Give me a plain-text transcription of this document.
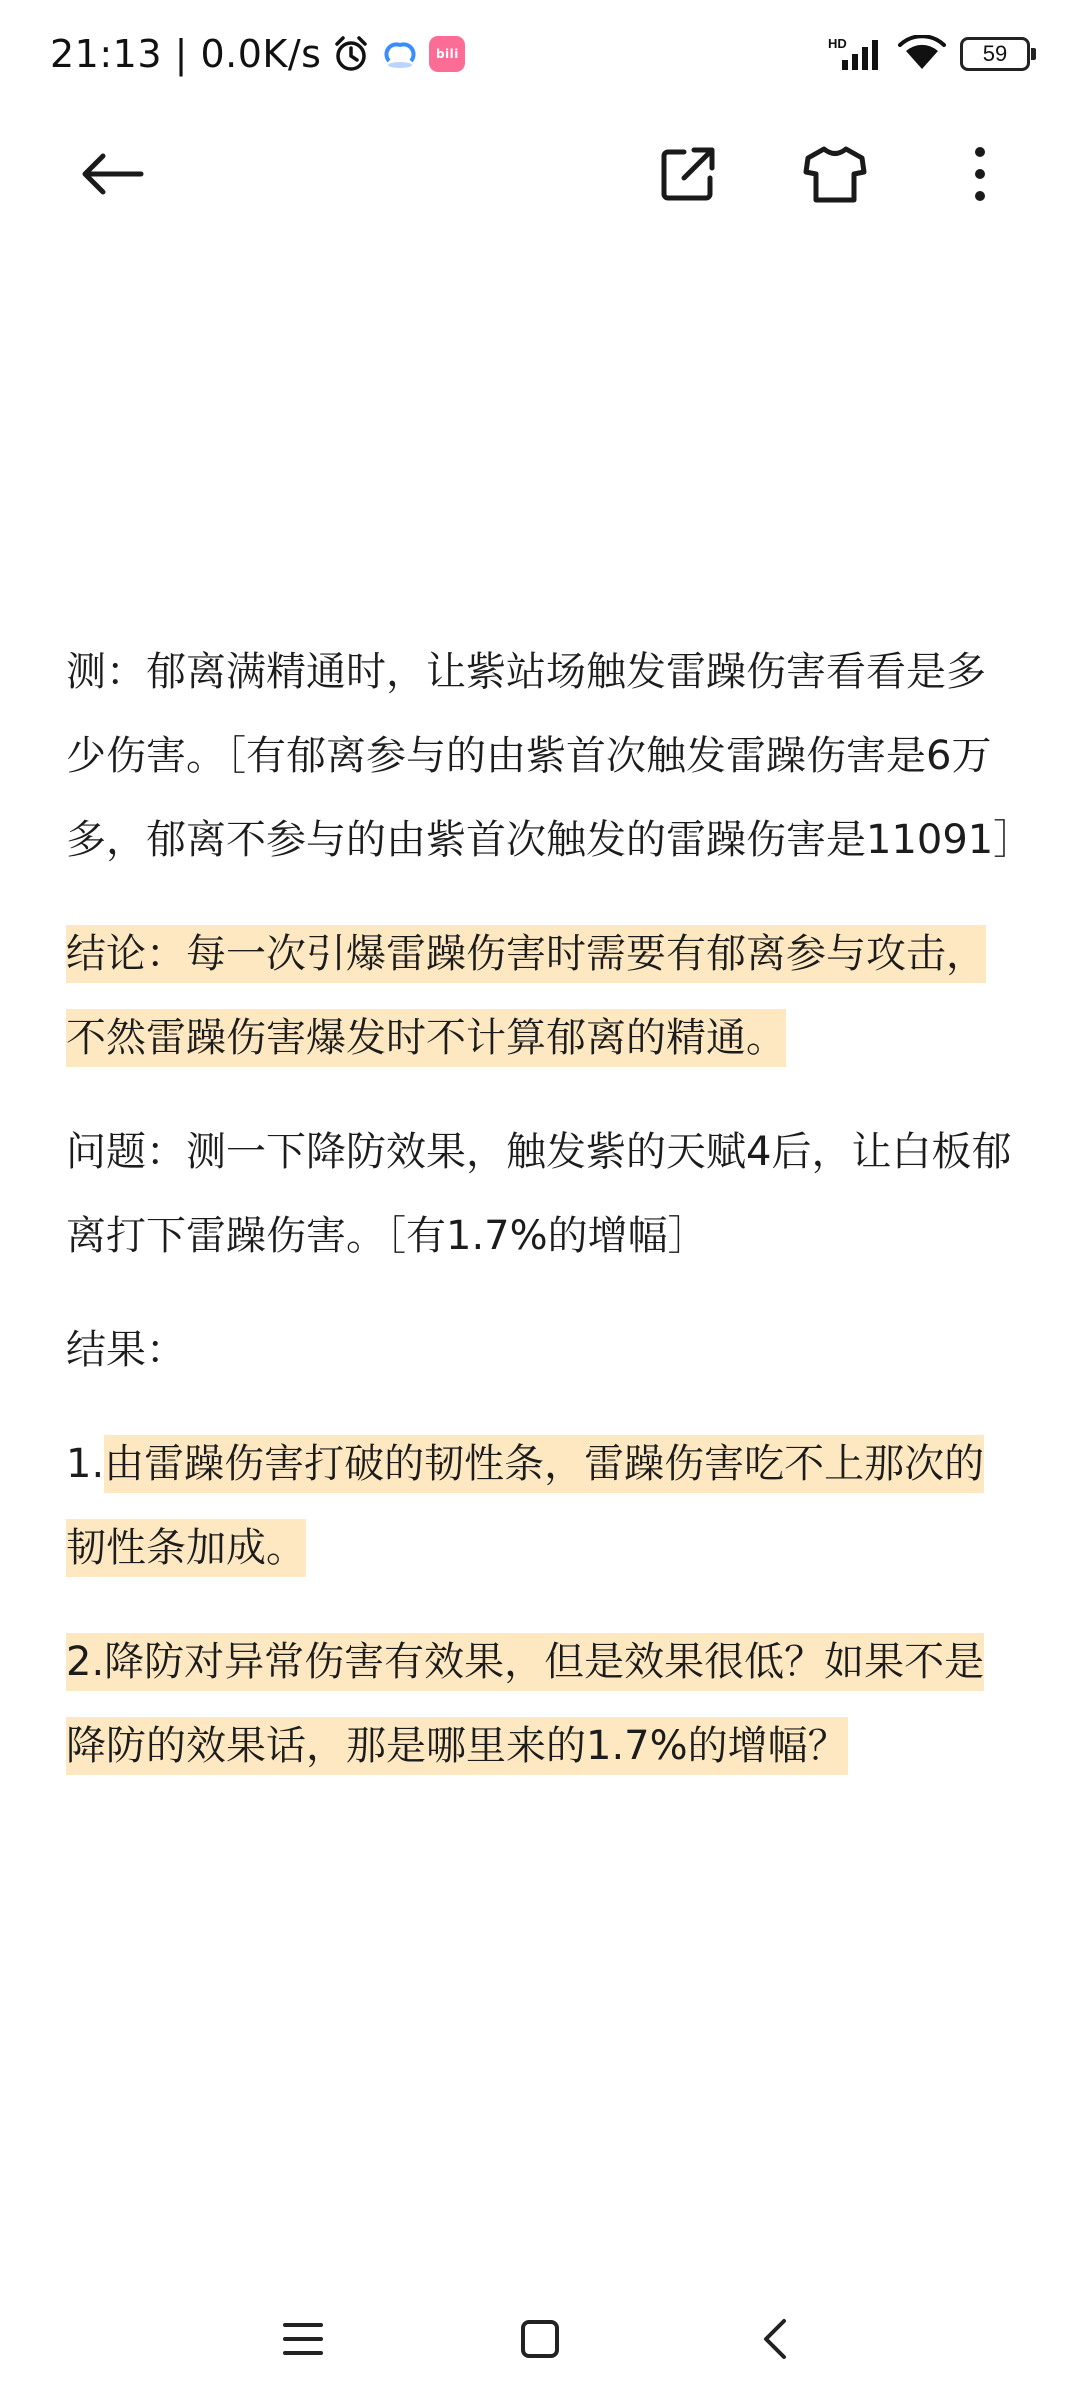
21:13 | 0.0K/s	bili
HD	59

测：郁离满精通时，让紫站场触发雷躁伤害看看是多少伤害。［有郁离参与的由紫首次触发雷躁伤害是6万多，郁离不参与的由紫首次触发的雷躁伤害是11091］

结论：每一次引爆雷躁伤害时需要有郁离参与攻击，不然雷躁伤害爆发时不计算郁离的精通。

问题：测一下降防效果，触发紫的天赋4后，让白板郁离打下雷躁伤害。［有1.7%的增幅］

结果：

1.由雷躁伤害打破的韧性条，雷躁伤害吃不上那次的韧性条加成。

2.降防对异常伤害有效果，但是效果很低？如果不是降防的效果话，那是哪里来的1.7%的增幅？
